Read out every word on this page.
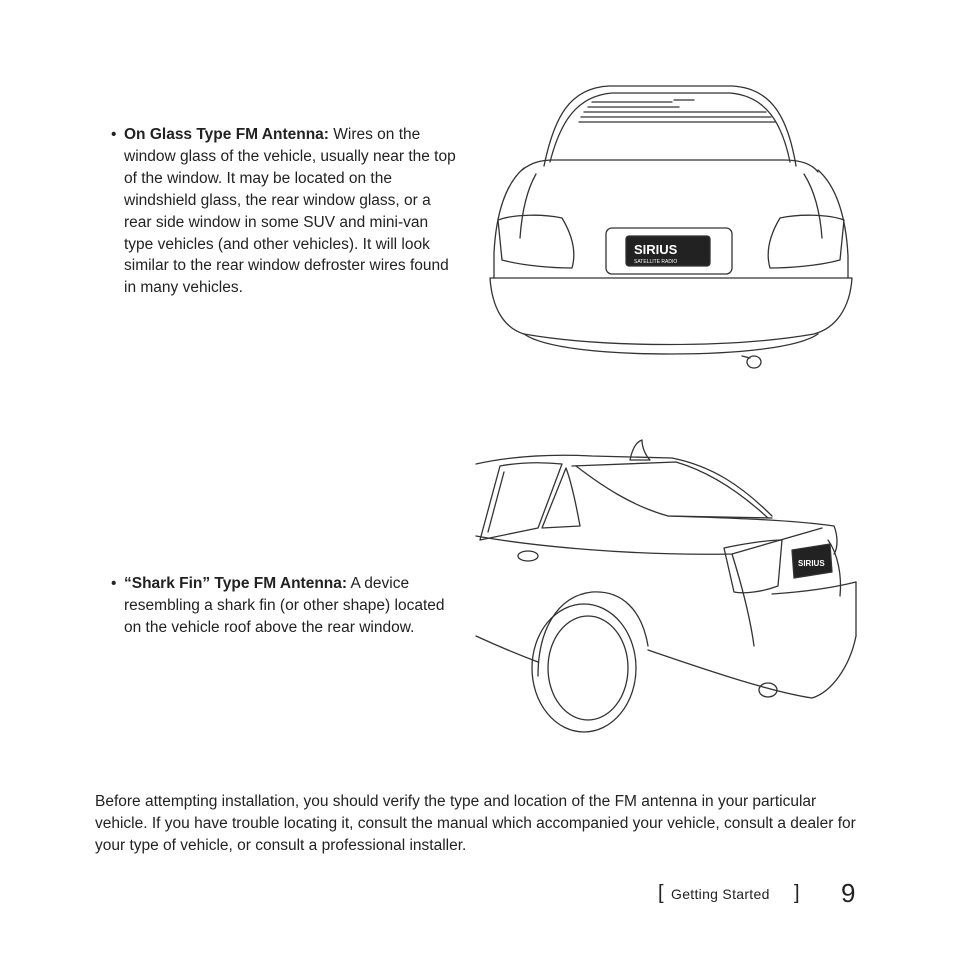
• On Glass Type FM Antenna: Wires on the window glass of the vehicle, usually near the top of the window. It may be located on the windshield glass, the rear window glass, or a rear side window in some SUV and mini-van type vehicles (and other vehicles). It will look similar to the rear window defroster wires found in many vehicles.
SIRIUS
SATELLITE RADIO
SIRIUS
• “Shark Fin” Type FM Antenna: A device resembling a shark fin (or other shape) located on the vehicle roof above the rear window.

Before attempting installation, you should verify the type and location of the FM antenna in your particular vehicle. If you have trouble locating it, consult the manual which accompanied your vehicle, consult a dealer for your type of vehicle, or consult a professional installer.

[ Getting Started ] 9
